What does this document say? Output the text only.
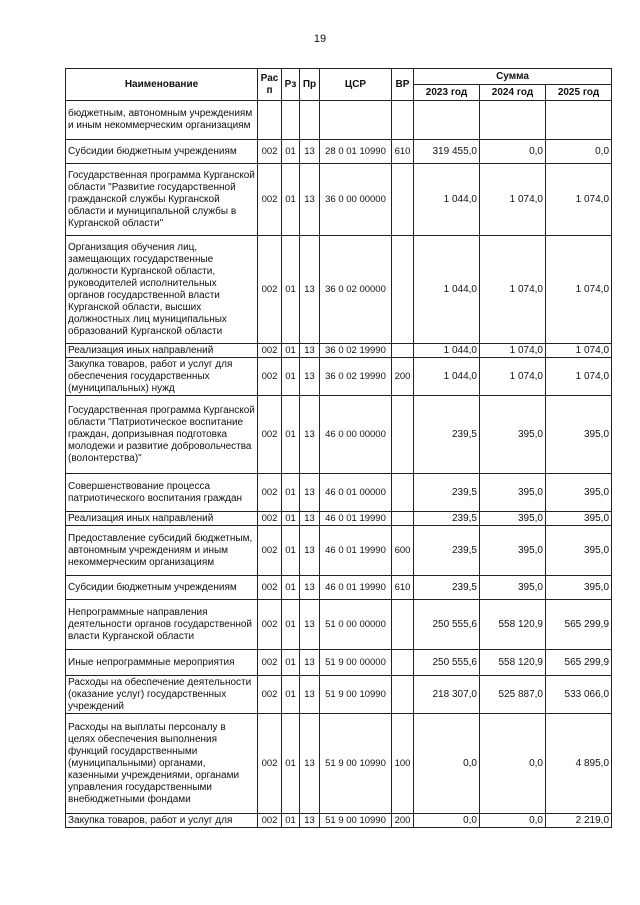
19
Наименование	Рас п	Рз	Пр	ЦСР	ВР	Сумма		
						2023 год	2024 год	2025 год
бюджетным, автономным учреждениям и иным некоммерческим организациям								
Субсидии бюджетным учреждениям	002	01	13	28 0 01 10990	610	319 455,0	0,0	0,0
Государственная программа Курганской области "Развитие государственной гражданской службы Курганской области и муниципальной службы в Курганской области"	002	01	13	36 0 00 00000		1 044,0	1 074,0	1 074,0
Организация обучения лиц, замещающих государственные должности Курганской области, руководителей исполнительных органов государственной власти Курганской области, высших должностных лиц муниципальных образований Курганской области	002	01	13	36 0 02 00000		1 044,0	1 074,0	1 074,0
Реализация иных направлений	002	01	13	36 0 02 19990		1 044,0	1 074,0	1 074,0
Закупка товаров, работ и услуг для обеспечения государственных (муниципальных) нужд	002	01	13	36 0 02 19990	200	1 044,0	1 074,0	1 074,0
Государственная программа Курганской области "Патриотическое воспитание граждан, допризывная подготовка молодежи и развитие добровольчества (волонтерства)"	002	01	13	46 0 00 00000		239,5	395,0	395,0
Совершенствование процесса патриотического воспитания граждан	002	01	13	46 0 01 00000		239,5	395,0	395,0
Реализация иных направлений	002	01	13	46 0 01 19990		239,5	395,0	395,0
Предоставление субсидий бюджетным, автономным учреждениям и иным некоммерческим организациям	002	01	13	46 0 01 19990	600	239,5	395,0	395,0
Субсидии бюджетным учреждениям	002	01	13	46 0 01 19990	610	239,5	395,0	395,0
Непрограммные направления деятельности органов государственной власти Курганской области	002	01	13	51 0 00 00000		250 555,6	558 120,9	565 299,9
Иные непрограммные мероприятия	002	01	13	51 9 00 00000		250 555,6	558 120,9	565 299,9
Расходы на обеспечение деятельности (оказание услуг) государственных учреждений	002	01	13	51 9 00 10990		218 307,0	525 887,0	533 066,0
Расходы на выплаты персоналу в целях обеспечения выполнения функций государственными (муниципальными) органами, казенными учреждениями, органами управления государственными внебюджетными фондами	002	01	13	51 9 00 10990	100	0,0	0,0	4 895,0
Закупка товаров, работ и услуг для	002	01	13	51 9 00 10990	200	0,0	0,0	2 219,0
